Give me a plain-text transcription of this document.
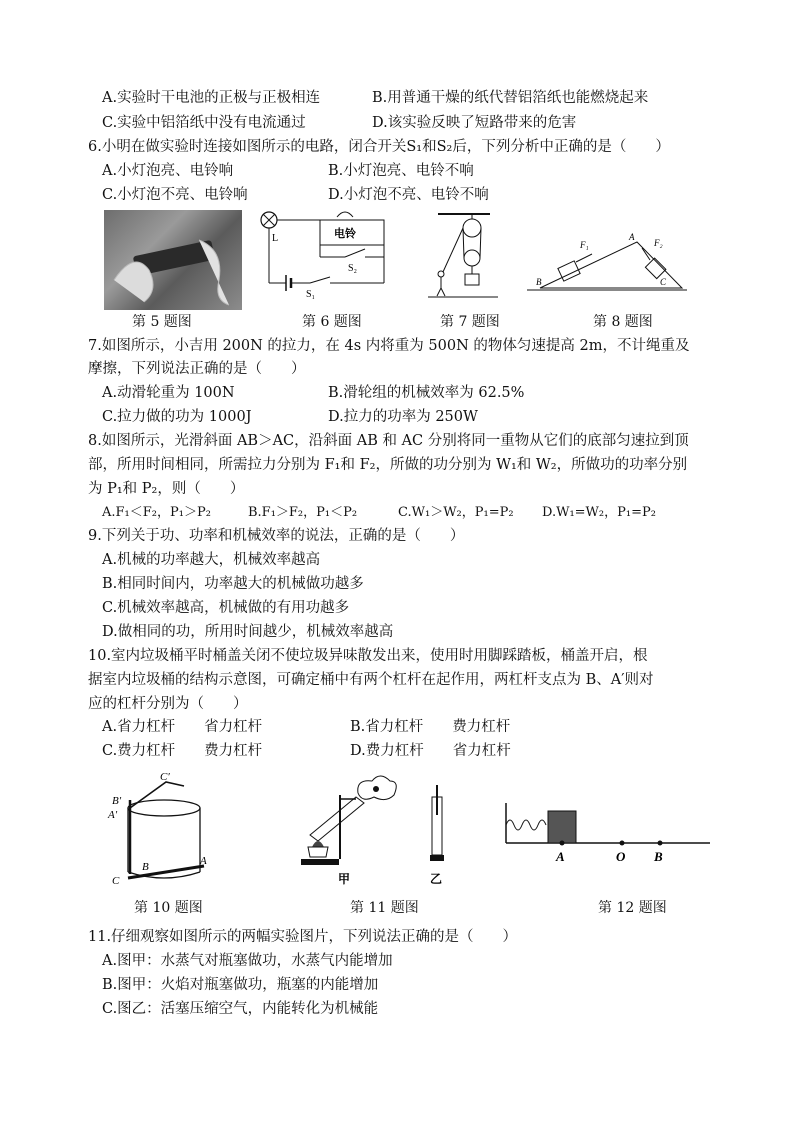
A.实验时干电池的正极与正极相连	B.用普通干燥的纸代替铝箔纸也能燃烧起来
C.实验中铝箔纸中没有电流通过	D.该实验反映了短路带来的危害
6.小明在做实验时连接如图所示的电路，闭合开关S₁和S₂后，下列分析中正确的是（　　）
A.小灯泡亮、电铃响	B.小灯泡亮、电铃不响
C.小灯泡不亮、电铃响	D.小灯泡不亮、电铃不响
L	电铃
S₂
S₁
F₁	F₂
A
B	C
第 5 题图	第 6 题图	第 7 题图	第 8 题图
7.如图所示，小吉用 200N 的拉力，在 4s 内将重为 500N 的物体匀速提高 2m，不计绳重及
摩擦，下列说法正确的是（　　）
A.动滑轮重为 100N	B.滑轮组的机械效率为 62.5%
C.拉力做的功为 1000J	D.拉力的功率为 250W
8.如图所示，光滑斜面 AB＞AC，沿斜面 AB 和 AC 分别将同一重物从它们的底部匀速拉到顶
部，所用时间相同，所需拉力分别为 F₁和 F₂，所做的功分别为 W₁和 W₂，所做功的功率分别
为 P₁和 P₂，则（　　）
A.F₁＜F₂，P₁＞P₂	B.F₁＞F₂，P₁＜P₂	C.W₁＞W₂，P₁=P₂ D.W₁=W₂，P₁=P₂
9.下列关于功、功率和机械效率的说法，正确的是（　　）
A.机械的功率越大，机械效率越高
B.相同时间内，功率越大的机械做功越多
C.机械效率越高，机械做的有用功越多
D.做相同的功，所用时间越少，机械效率越高
10.室内垃圾桶平时桶盖关闭不使垃圾异味散发出来，使用时用脚踩踏板，桶盖开启，根
据室内垃圾桶的结构示意图，可确定桶中有两个杠杆在起作用，两杠杆支点为 B、A′则对
应的杠杆分别为（　　）
A.省力杠杆　　省力杠杆	B.省力杠杆　　费力杠杆
C.费力杠杆　　费力杠杆	D.费力杠杆　　省力杠杆
C′
B′
A′
B	A
C	甲	乙
A	O B
第 10 题图	第 11 题图	第 12 题图
11.仔细观察如图所示的两幅实验图片，下列说法正确的是（　　）
A.图甲：水蒸气对瓶塞做功，水蒸气内能增加
B.图甲：火焰对瓶塞做功，瓶塞的内能增加
C.图乙：活塞压缩空气，内能转化为机械能
